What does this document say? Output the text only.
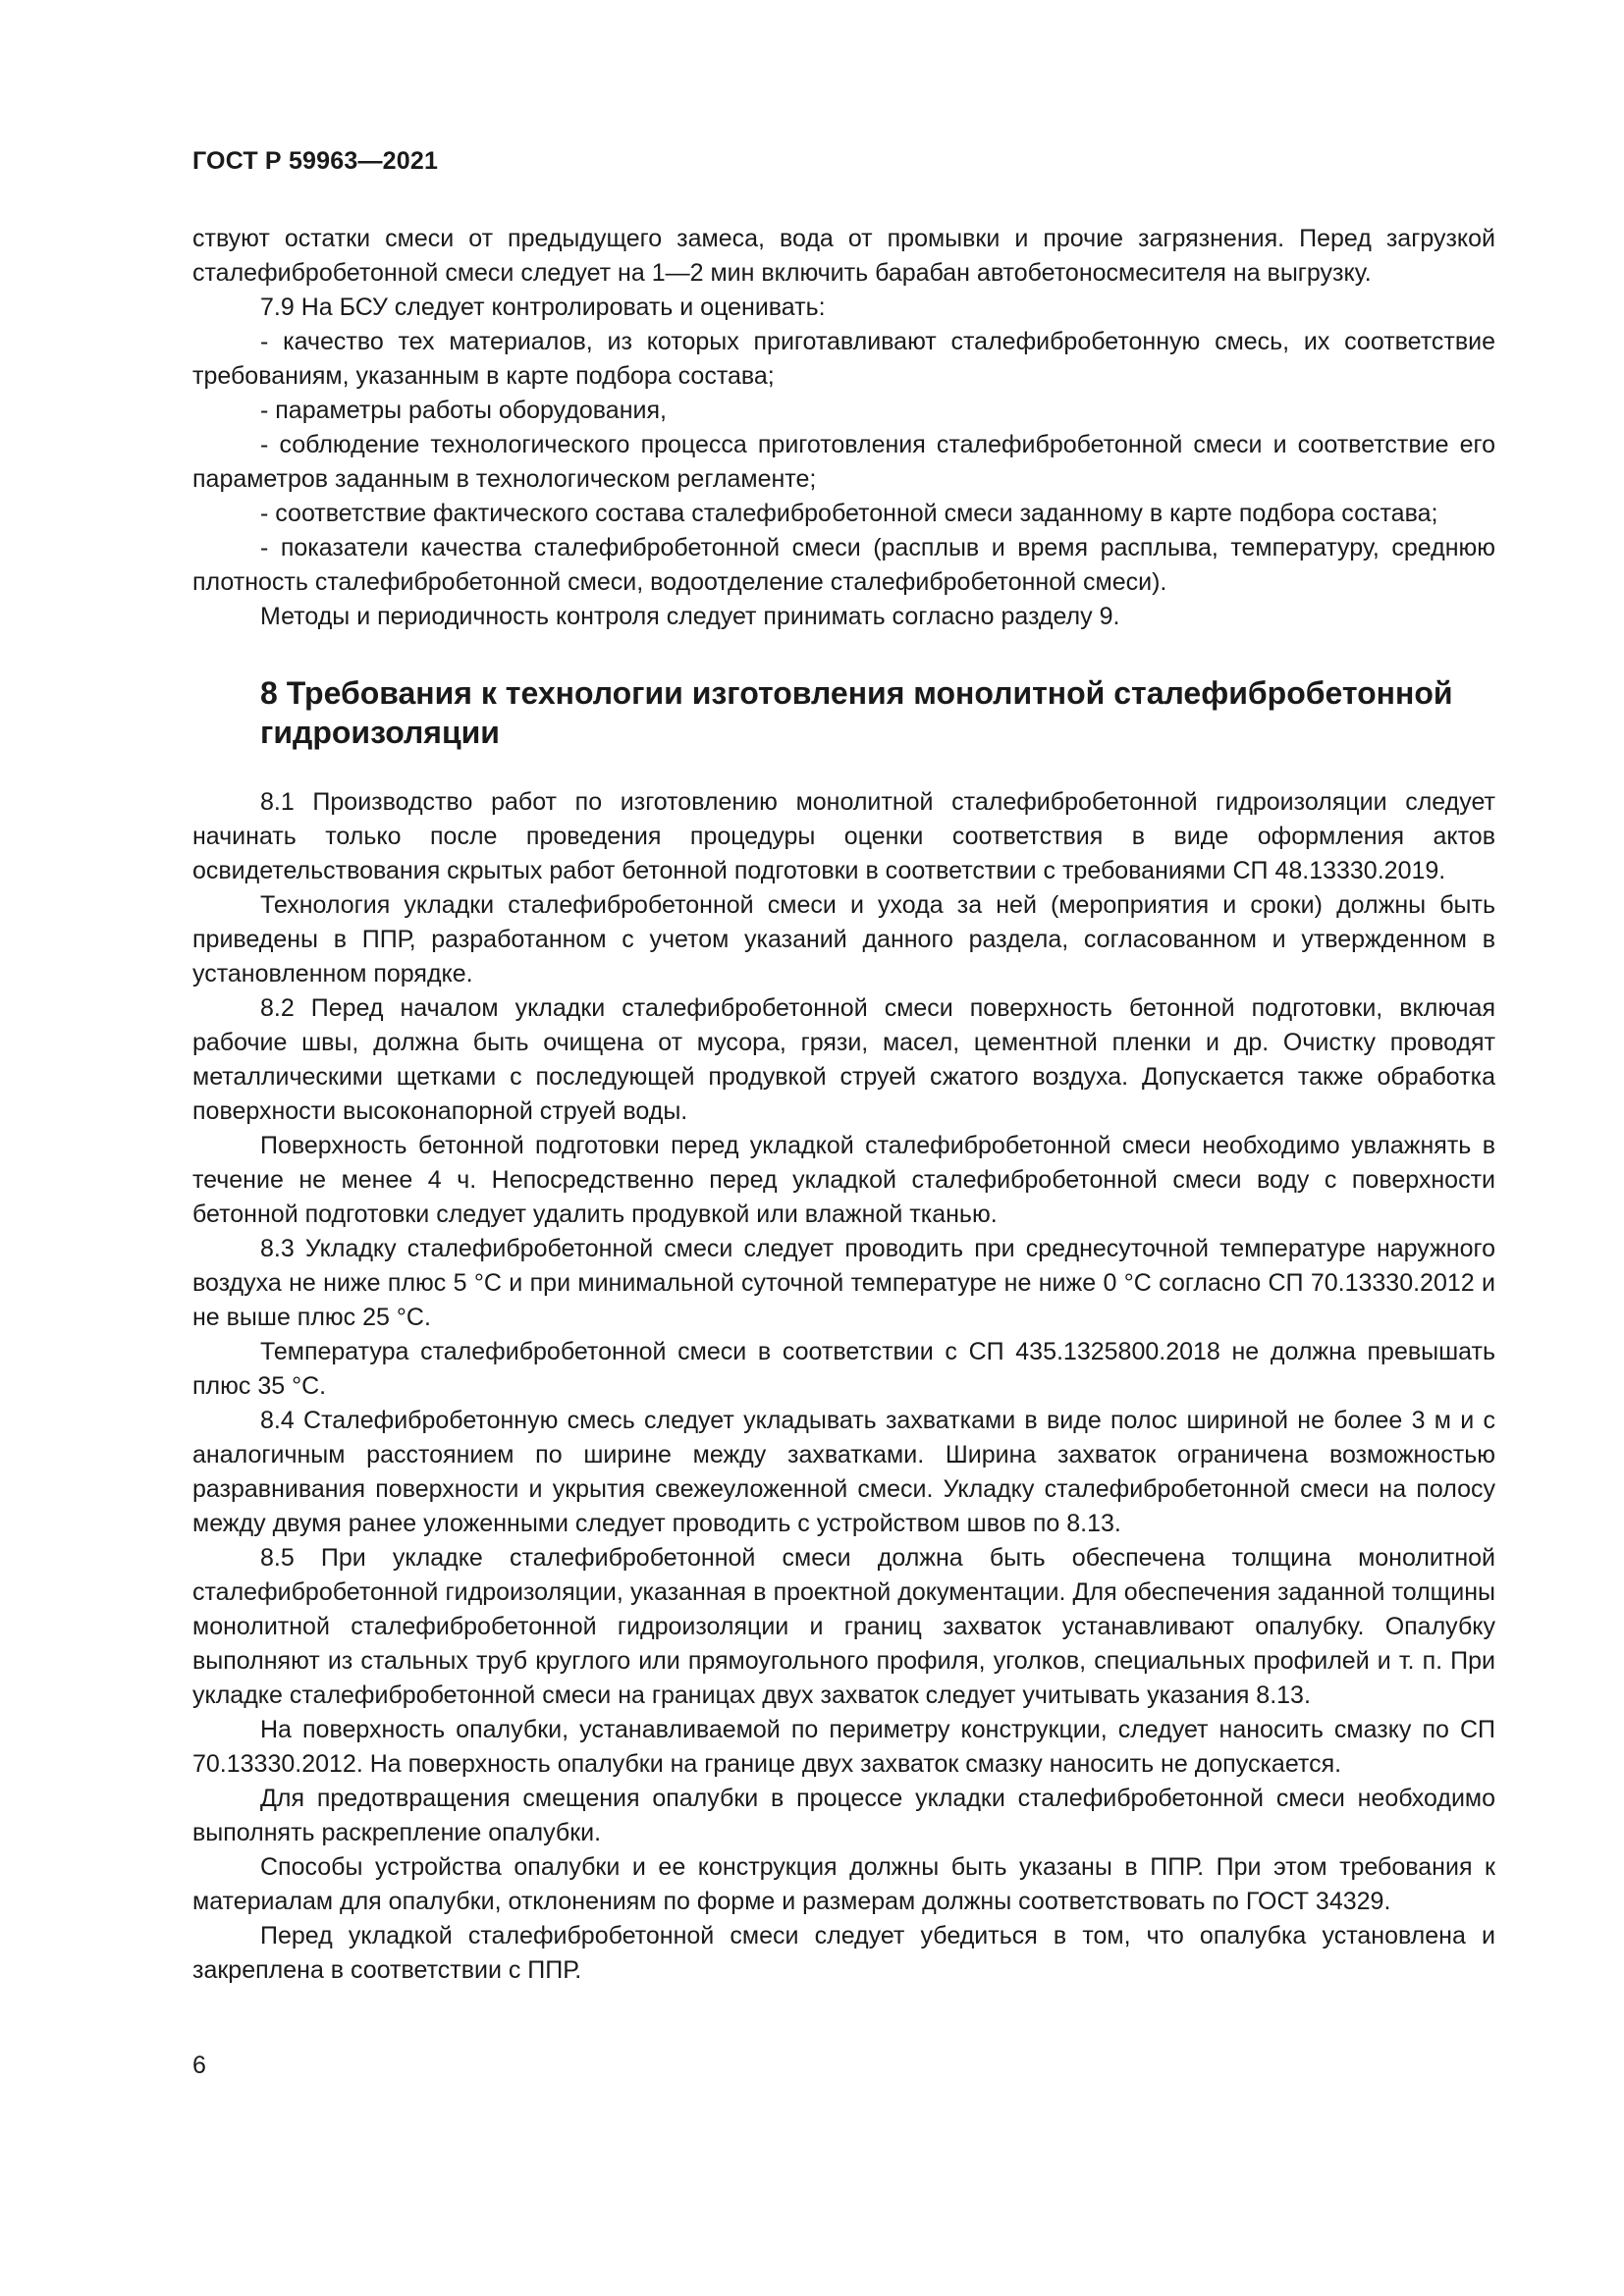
ГОСТ Р 59963—2021

ствуют остатки смеси от предыдущего замеса, вода от промывки и прочие загрязнения. Перед загрузкой сталефибробетонной смеси следует на 1—2 мин включить барабан автобетоносмесителя на выгрузку.

7.9 На БСУ следует контролировать и оценивать:

- качество тех материалов, из которых приготавливают сталефибробетонную смесь, их соответствие требованиям, указанным в карте подбора состава;

- параметры работы оборудования,

- соблюдение технологического процесса приготовления сталефибробетонной смеси и соответствие его параметров заданным в технологическом регламенте;

- соответствие фактического состава сталефибробетонной смеси заданному в карте подбора состава;

- показатели качества сталефибробетонной смеси (расплыв и время расплыва, температуру, среднюю плотность сталефибробетонной смеси, водоотделение сталефибробетонной смеси).

Методы и периодичность контроля следует принимать согласно разделу 9.

8 Требования к технологии изготовления монолитной сталефибробетонной гидроизоляции

8.1 Производство работ по изготовлению монолитной сталефибробетонной гидроизоляции следует начинать только после проведения процедуры оценки соответствия в виде оформления актов освидетельствования скрытых работ бетонной подготовки в соответствии с требованиями СП 48.13330.2019.

Технология укладки сталефибробетонной смеси и ухода за ней (мероприятия и сроки) должны быть приведены в ППР, разработанном с учетом указаний данного раздела, согласованном и утвержденном в установленном порядке.

8.2 Перед началом укладки сталефибробетонной смеси поверхность бетонной подготовки, включая рабочие швы, должна быть очищена от мусора, грязи, масел, цементной пленки и др. Очистку проводят металлическими щетками с последующей продувкой струей сжатого воздуха. Допускается также обработка поверхности высоконапорной струей воды.

Поверхность бетонной подготовки перед укладкой сталефибробетонной смеси необходимо увлажнять в течение не менее 4 ч. Непосредственно перед укладкой сталефибробетонной смеси воду с поверхности бетонной подготовки следует удалить продувкой или влажной тканью.

8.3 Укладку сталефибробетонной смеси следует проводить при среднесуточной температуре наружного воздуха не ниже плюс 5 °С и при минимальной суточной температуре не ниже 0 °С согласно СП 70.13330.2012 и не выше плюс 25 °С.

Температура сталефибробетонной смеси в соответствии с СП 435.1325800.2018 не должна превышать плюс 35 °С.

8.4 Сталефибробетонную смесь следует укладывать захватками в виде полос шириной не более 3 м и с аналогичным расстоянием по ширине между захватками. Ширина захваток ограничена возможностью разравнивания поверхности и укрытия свежеуложенной смеси. Укладку сталефибробетонной смеси на полосу между двумя ранее уложенными следует проводить с устройством швов по 8.13.

8.5 При укладке сталефибробетонной смеси должна быть обеспечена толщина монолитной сталефибробетонной гидроизоляции, указанная в проектной документации. Для обеспечения заданной толщины монолитной сталефибробетонной гидроизоляции и границ захваток устанавливают опалубку. Опалубку выполняют из стальных труб круглого или прямоугольного профиля, уголков, специальных профилей и т. п. При укладке сталефибробетонной смеси на границах двух захваток следует учитывать указания 8.13.

На поверхность опалубки, устанавливаемой по периметру конструкции, следует наносить смазку по СП 70.13330.2012. На поверхность опалубки на границе двух захваток смазку наносить не допускается.

Для предотвращения смещения опалубки в процессе укладки сталефибробетонной смеси необходимо выполнять раскрепление опалубки.

Способы устройства опалубки и ее конструкция должны быть указаны в ППР. При этом требования к материалам для опалубки, отклонениям по форме и размерам должны соответствовать по ГОСТ 34329.

Перед укладкой сталефибробетонной смеси следует убедиться в том, что опалубка установлена и закреплена в соответствии с ППР.

6
